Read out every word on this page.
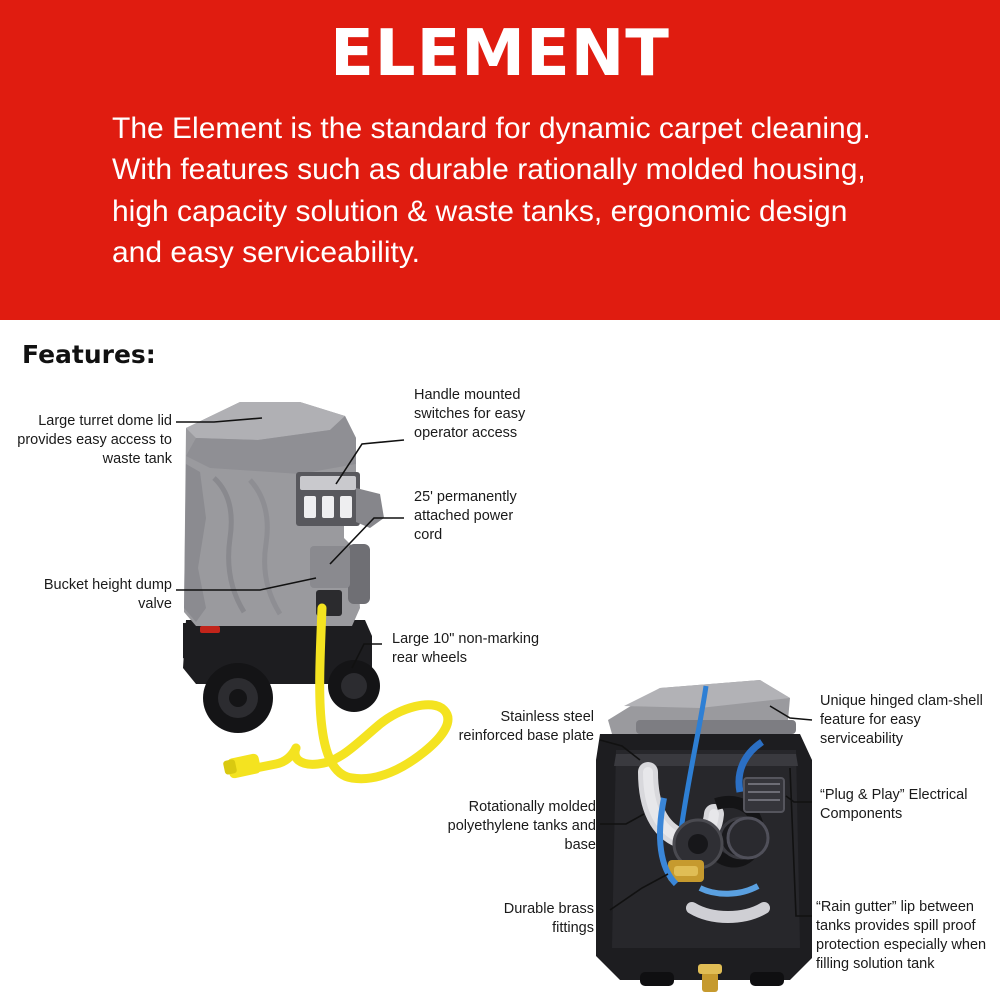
ELEMENT

The Element is the standard for dynamic carpet cleaning. With features such as durable rationally molded housing, high capacity solution & waste tanks, ergonomic design and easy serviceability.

Features:
Large turret dome lid provides easy access to waste tank
Handle mounted switches for easy operator access
25' permanently attached power cord
Bucket height dump valve
Large 10" non-marking rear wheels
Stainless steel reinforced base plate
Rotationally molded polyethylene tanks and base
Durable brass fittings
Unique hinged clam-shell feature for easy serviceability
“Plug & Play” Electrical Components
“Rain gutter” lip between tanks provides spill proof protection especially when filling solution tank
